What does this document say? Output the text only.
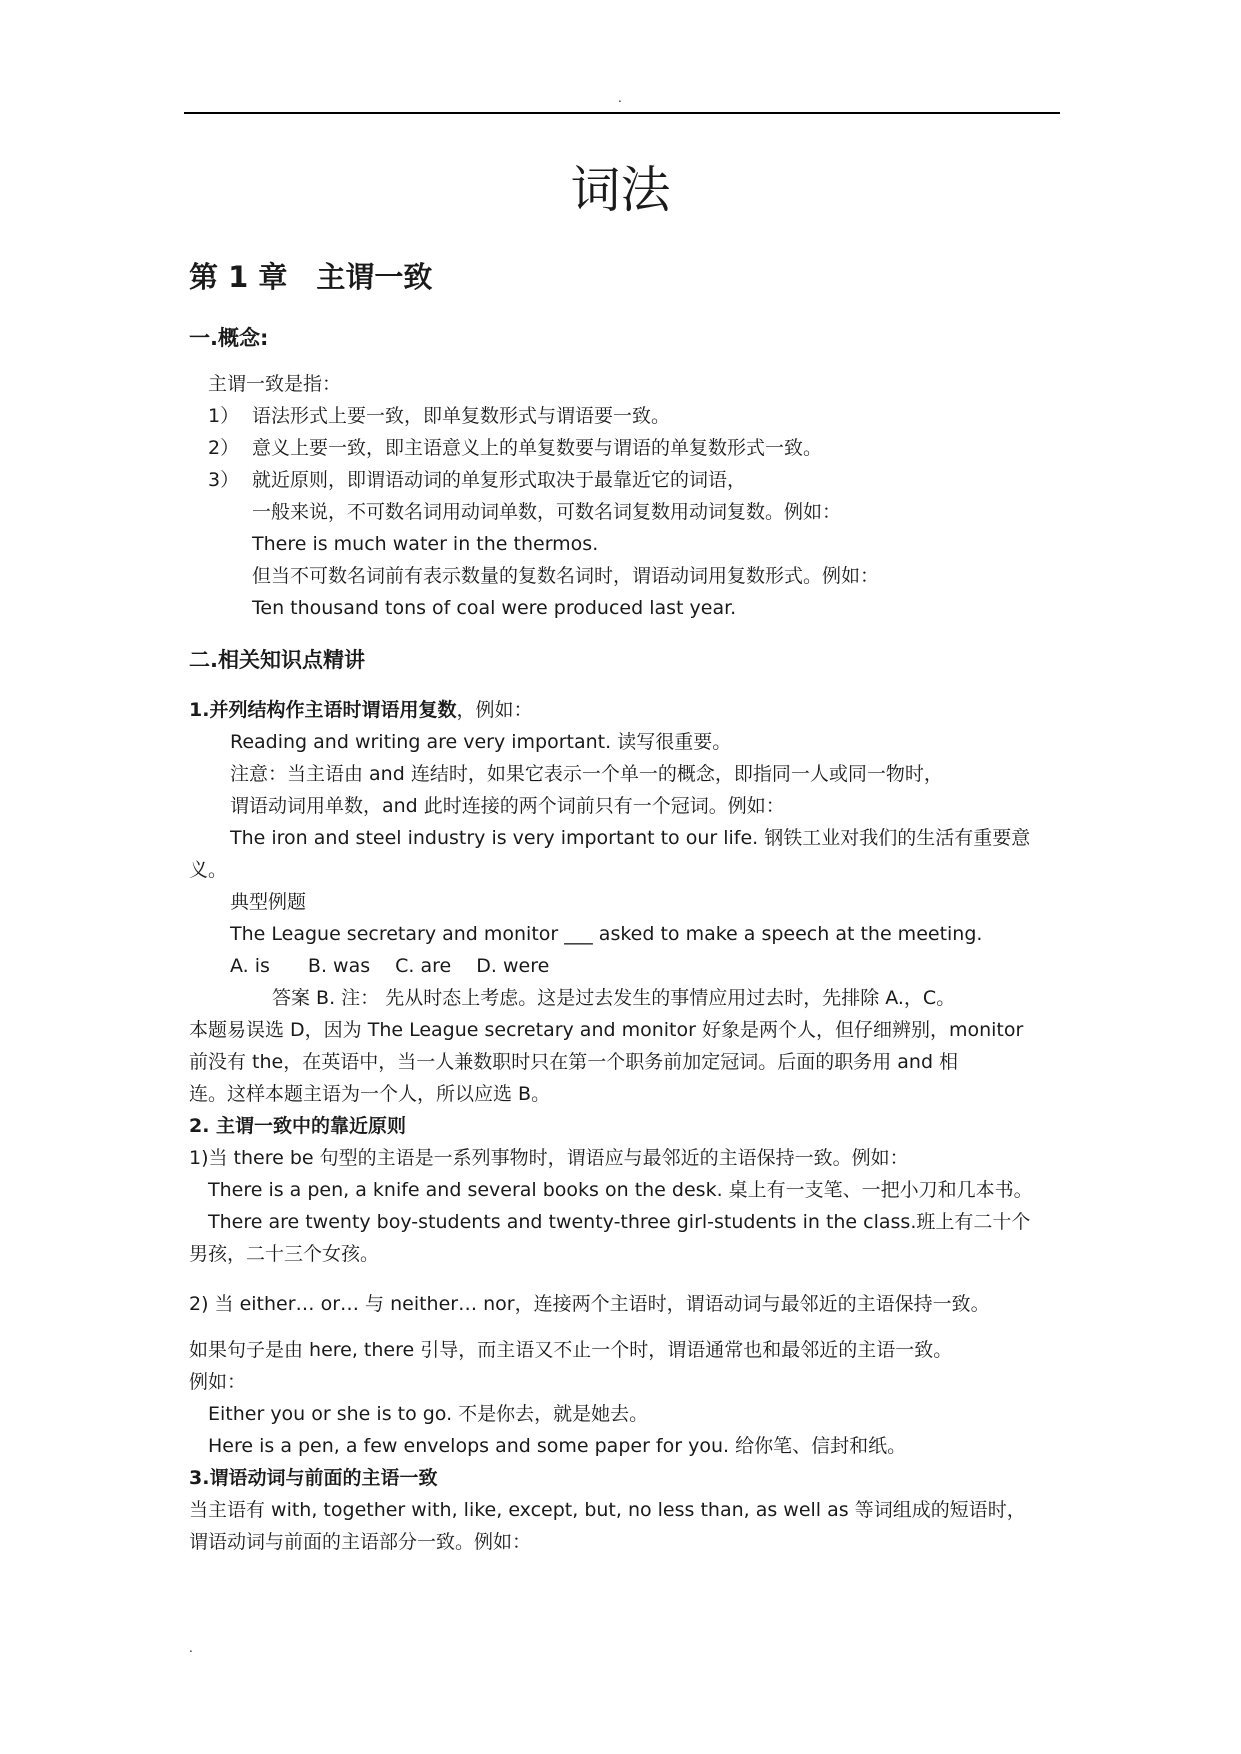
.
词法
第 1 章　主谓一致
一.概念:
主谓一致是指：
1） 语法形式上要一致，即单复数形式与谓语要一致。
2） 意义上要一致，即主语意义上的单复数要与谓语的单复数形式一致。
3） 就近原则，即谓语动词的单复形式取决于最靠近它的词语，
一般来说，不可数名词用动词单数，可数名词复数用动词复数。例如：
There is much water in the thermos.
但当不可数名词前有表示数量的复数名词时，谓语动词用复数形式。例如：
Ten thousand tons of coal were produced last year.
二.相关知识点精讲
1.并列结构作主语时谓语用复数，例如：
Reading and writing are very important. 读写很重要。
注意：当主语由 and 连结时，如果它表示一个单一的概念，即指同一人或同一物时，
谓语动词用单数，and 此时连接的两个词前只有一个冠词。例如：
The iron and steel industry is very important to our life. 钢铁工业对我们的生活有重要意
义。
典型例题
The League secretary and monitor ___ asked to make a speech at the meeting.
A. is　　B. was　 C. are　 D. were
答案 B. 注： 先从时态上考虑。这是过去发生的事情应用过去时，先排除 A.，C。
本题易误选 D，因为 The League secretary and monitor 好象是两个人，但仔细辨别，monitor
前没有 the，在英语中，当一人兼数职时只在第一个职务前加定冠词。后面的职务用 and 相
连。这样本题主语为一个人，所以应选 B。
2. 主谓一致中的靠近原则
1)当 there be 句型的主语是一系列事物时，谓语应与最邻近的主语保持一致。例如：
There is a pen, a knife and several books on the desk. 桌上有一支笔、一把小刀和几本书。
There are twenty boy-students and twenty-three girl-students in the class.班上有二十个
男孩，二十三个女孩。
2) 当 either… or… 与 neither… nor，连接两个主语时，谓语动词与最邻近的主语保持一致。
如果句子是由 here, there 引导，而主语又不止一个时，谓语通常也和最邻近的主语一致。
例如：
Either you or she is to go. 不是你去，就是她去。
Here is a pen, a few envelops and some paper for you. 给你笔、信封和纸。
3.谓语动词与前面的主语一致
当主语有 with, together with, like, except, but, no less than, as well as 等词组成的短语时，
谓语动词与前面的主语部分一致。例如：
.
